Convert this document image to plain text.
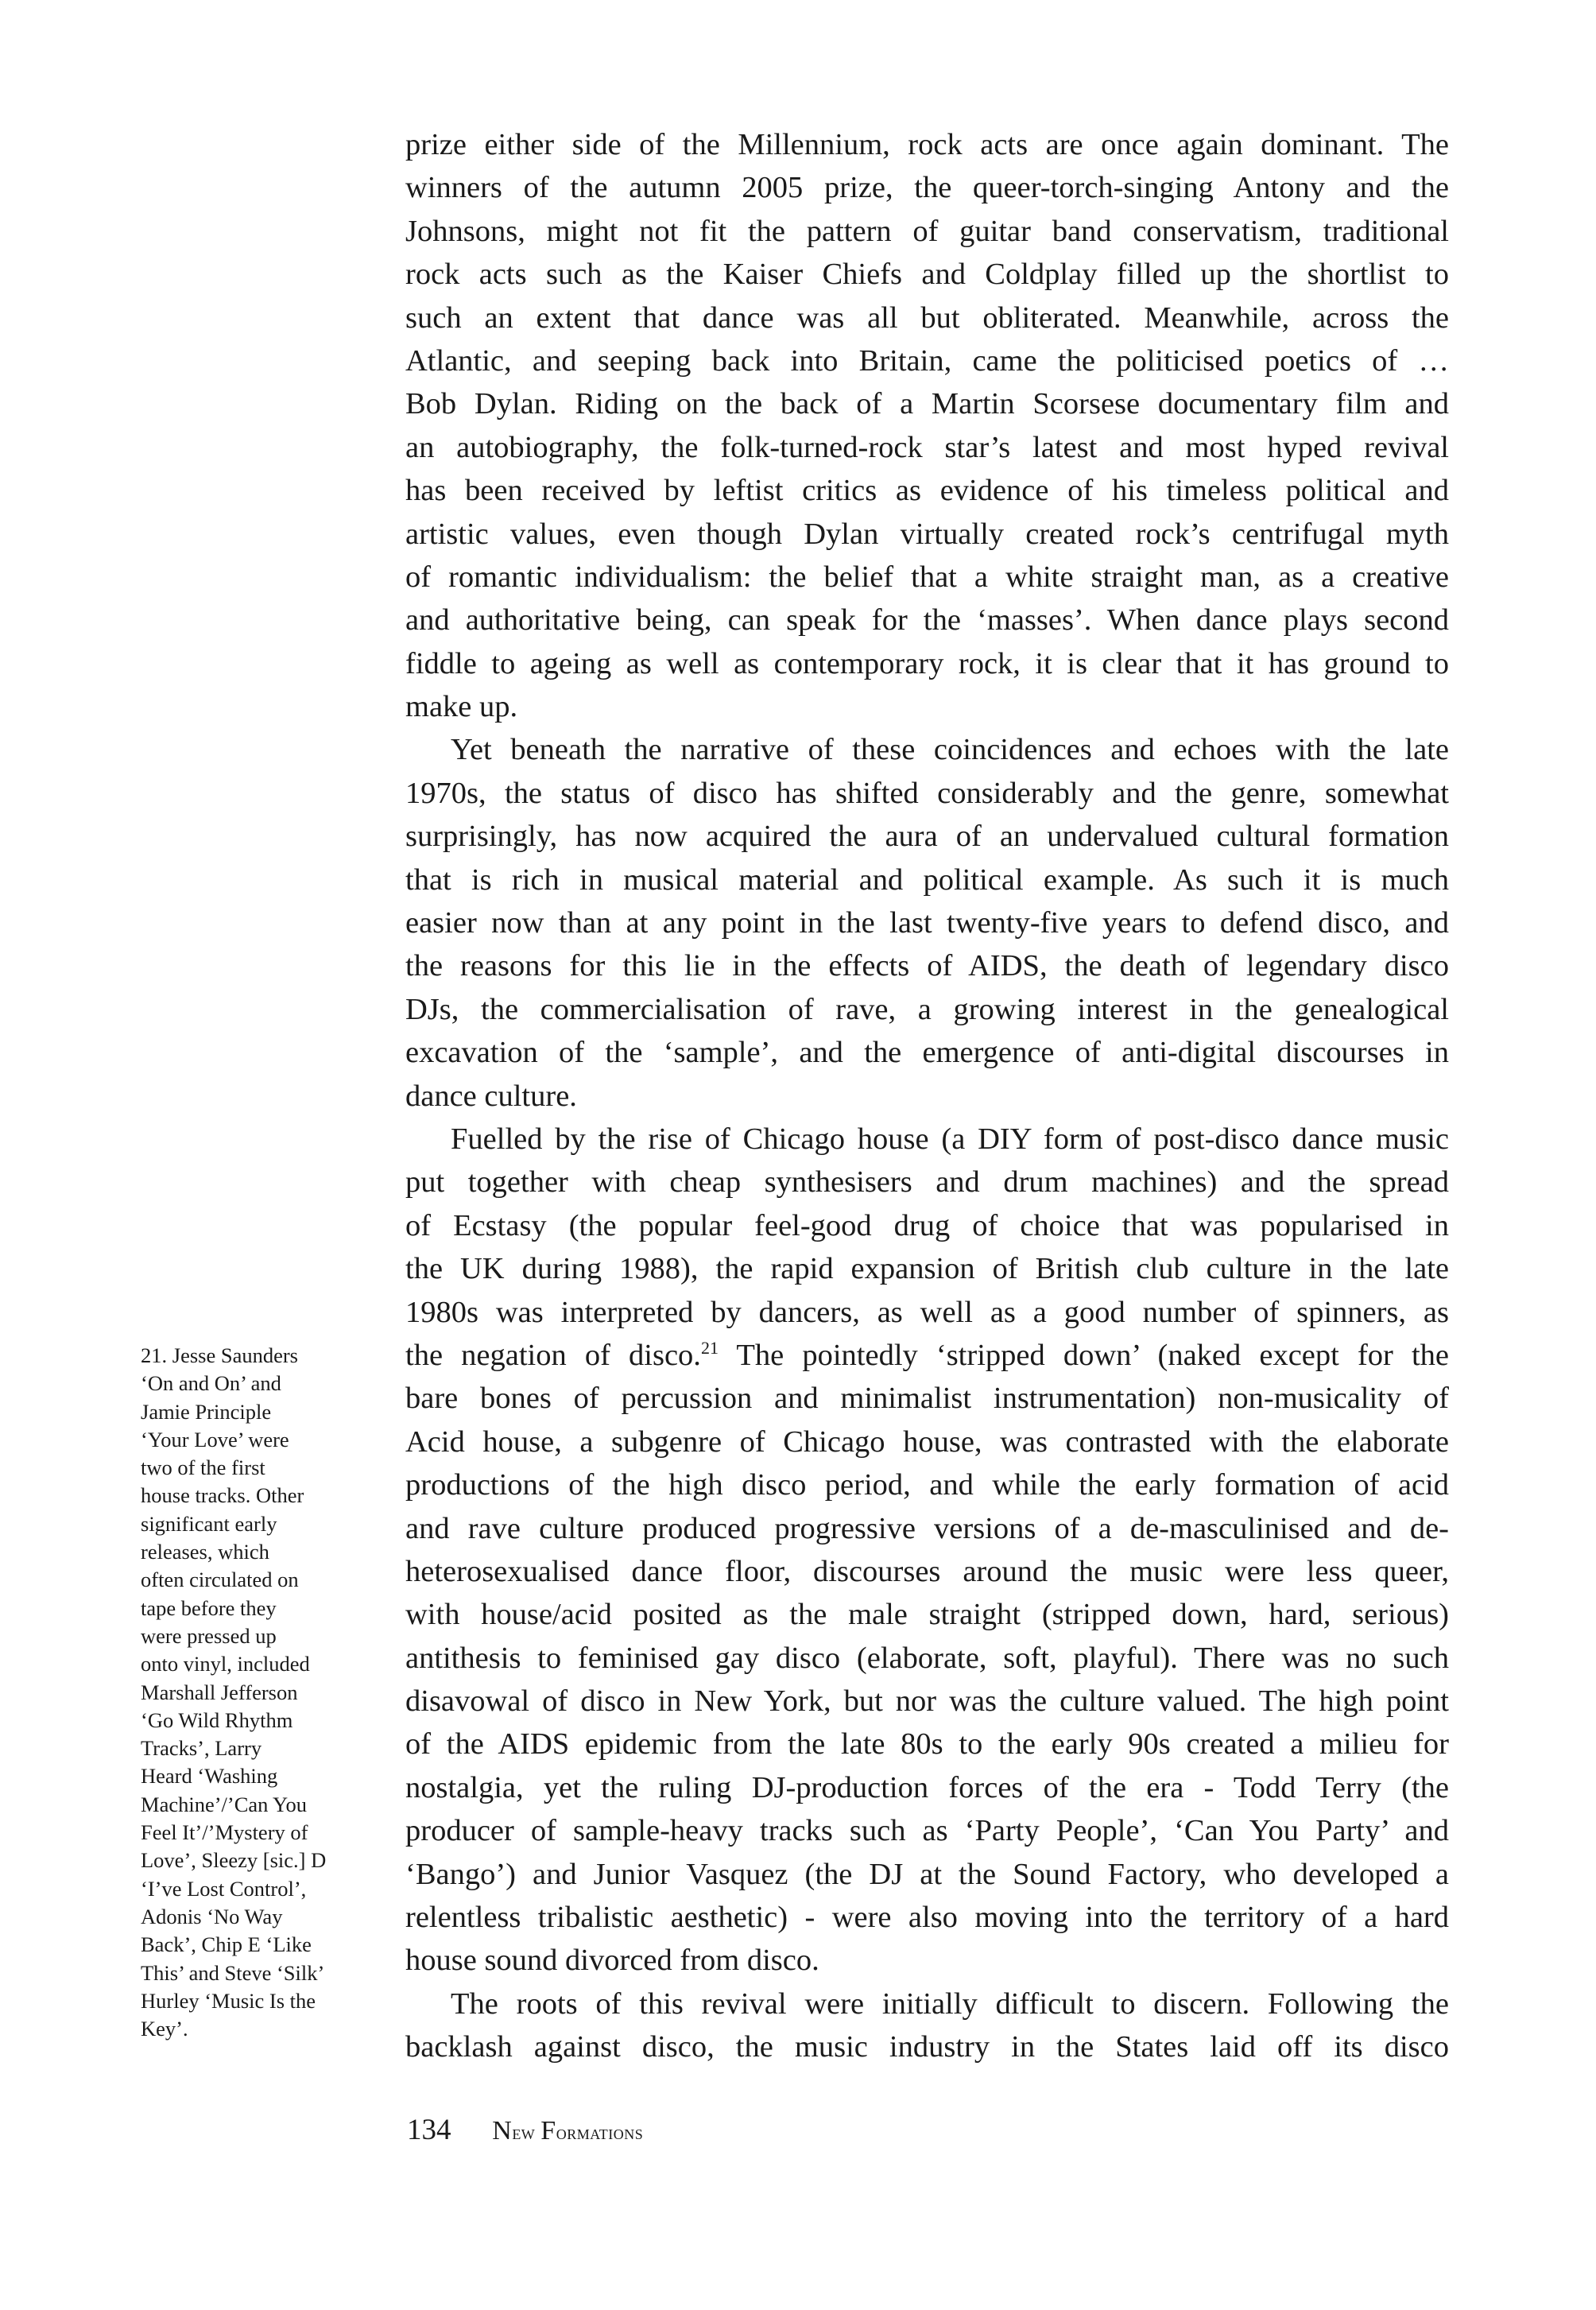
prize either side of the Millennium, rock acts are once again dominant. The
winners of the autumn 2005 prize, the queer-torch-singing Antony and the
Johnsons, might not fit the pattern of guitar band conservatism, traditional
rock acts such as the Kaiser Chiefs and Coldplay filled up the shortlist to
such an extent that dance was all but obliterated. Meanwhile, across the
Atlantic, and seeping back into Britain, came the politicised poetics of …
Bob Dylan. Riding on the back of a Martin Scorsese documentary film and
an autobiography, the folk-turned-rock star’s latest and most hyped revival
has been received by leftist critics as evidence of his timeless political and
artistic values, even though Dylan virtually created rock’s centrifugal myth
of romantic individualism: the belief that a white straight man, as a creative
and authoritative being, can speak for the ‘masses’. When dance plays second
fiddle to ageing as well as contemporary rock, it is clear that it has ground to
make up.
Yet beneath the narrative of these coincidences and echoes with the late
1970s, the status of disco has shifted considerably and the genre, somewhat
surprisingly, has now acquired the aura of an undervalued cultural formation
that is rich in musical material and political example. As such it is much
easier now than at any point in the last twenty-five years to defend disco, and
the reasons for this lie in the effects of AIDS, the death of legendary disco
DJs, the commercialisation of rave, a growing interest in the genealogical
excavation of the ‘sample’, and the emergence of anti-digital discourses in
dance culture.
Fuelled by the rise of Chicago house (a DIY form of post-disco dance music
put together with cheap synthesisers and drum machines) and the spread
of Ecstasy (the popular feel-good drug of choice that was popularised in
the UK during 1988), the rapid expansion of British club culture in the late
1980s was interpreted by dancers, as well as a good number of spinners, as
the negation of disco.$^{21}$ The pointedly ‘stripped down’ (naked except for the
bare bones of percussion and minimalist instrumentation) non-musicality of
Acid house, a subgenre of Chicago house, was contrasted with the elaborate
productions of the high disco period, and while the early formation of acid
and rave culture produced progressive versions of a de-masculinised and de-
heterosexualised dance floor, discourses around the music were less queer,
with house/acid posited as the male straight (stripped down, hard, serious)
antithesis to feminised gay disco (elaborate, soft, playful). There was no such
disavowal of disco in New York, but nor was the culture valued. The high point
of the AIDS epidemic from the late 80s to the early 90s created a milieu for
nostalgia, yet the ruling DJ-production forces of the era - Todd Terry (the
producer of sample-heavy tracks such as ‘Party People’, ‘Can You Party’ and
‘Bango’) and Junior Vasquez (the DJ at the Sound Factory, who developed a
relentless tribalistic aesthetic) - were also moving into the territory of a hard
house sound divorced from disco.
The roots of this revival were initially difficult to discern. Following the
backlash against disco, the music industry in the States laid off its disco
21. Jesse Saunders
‘On and On’ and
Jamie Principle
‘Your Love’ were
two of the first
house tracks. Other
significant early
releases, which
often circulated on
tape before they
were pressed up
onto vinyl, included
Marshall Jefferson
‘Go Wild Rhythm
Tracks’, Larry
Heard ‘Washing
Machine’/’Can You
Feel It’/’Mystery of
Love’, Sleezy [sic.] D
‘I’ve Lost Control’,
Adonis ‘No Way
Back’, Chip E ‘Like
This’ and Steve ‘Silk’
Hurley ‘Music Is the
Key’.
134 New Formations
